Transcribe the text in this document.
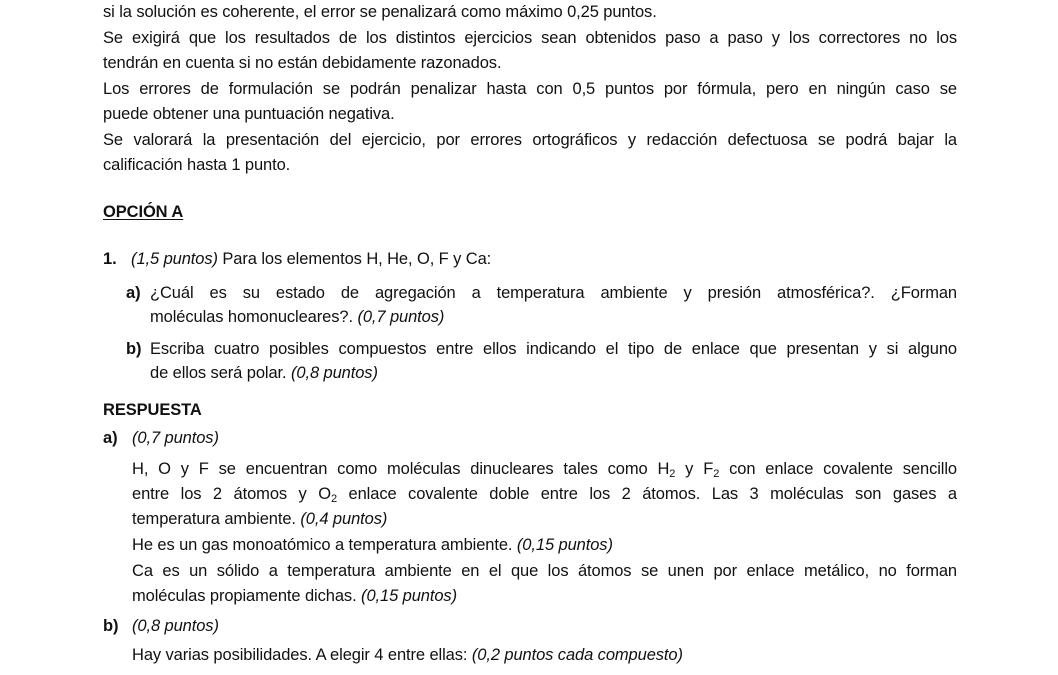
si la solución es coherente, el error se penalizará como máximo 0,25 puntos.
Se exigirá que los resultados de los distintos ejercicios sean obtenidos paso a paso y los correctores no los
tendrán en cuenta si no están debidamente razonados.
Los errores de formulación se podrán penalizar hasta con 0,5 puntos por fórmula, pero en ningún caso se
puede obtener una puntuación negativa.
Se valorará la presentación del ejercicio, por errores ortográficos y redacción defectuosa se podrá bajar la
calificación hasta 1 punto.
OPCIÓN A
1. (1,5 puntos) Para los elementos H, He, O, F y Ca:
a) ¿Cuál es su estado de agregación a temperatura ambiente y presión atmosférica?. ¿Forman
moléculas homonucleares?. (0,7 puntos)
b) Escriba cuatro posibles compuestos entre ellos indicando el tipo de enlace que presentan y si alguno
de ellos será polar. (0,8 puntos)
RESPUESTA
a) (0,7 puntos)
H, O y F se encuentran como moléculas dinucleares tales como $H_2$ y $F_2$ con enlace covalente sencillo
entre los 2 átomos y $O_2$ enlace covalente doble entre los 2 átomos. Las 3 moléculas son gases a
temperatura ambiente. (0,4 puntos)
He es un gas monoatómico a temperatura ambiente. (0,15 puntos)
Ca es un sólido a temperatura ambiente en el que los átomos se unen por enlace metálico, no forman
moléculas propiamente dichas. (0,15 puntos)
b) (0,8 puntos)
Hay varias posibilidades. A elegir 4 entre ellas: (0,2 puntos cada compuesto)
